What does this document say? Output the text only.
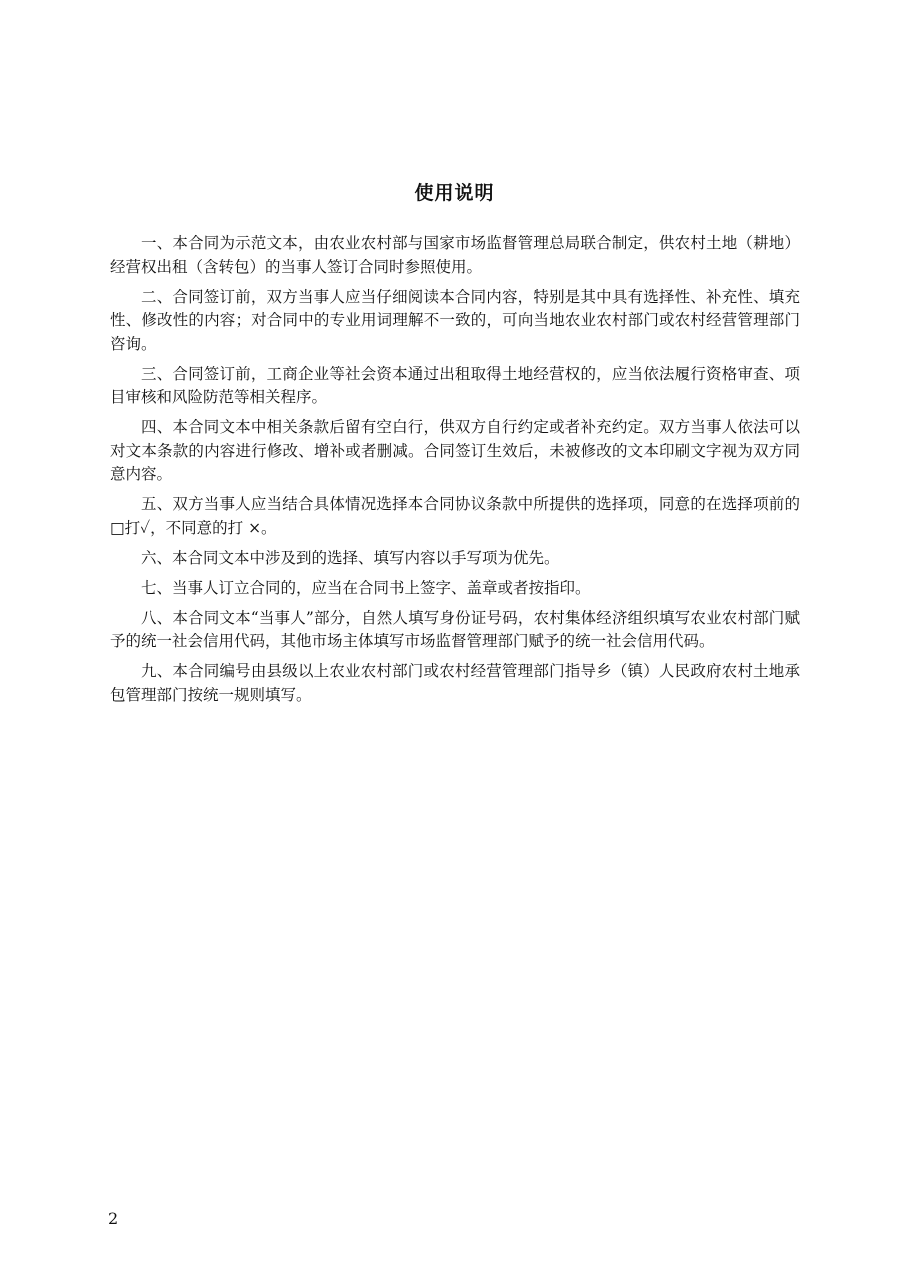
使用说明

一、本合同为示范文本，由农业农村部与国家市场监督管理总局联合制定，供农村土地（耕地）经营权出租（含转包）的当事人签订合同时参照使用。

二、合同签订前，双方当事人应当仔细阅读本合同内容，特别是其中具有选择性、补充性、填充性、修改性的内容；对合同中的专业用词理解不一致的，可向当地农业农村部门或农村经营管理部门咨询。

三、合同签订前，工商企业等社会资本通过出租取得土地经营权的，应当依法履行资格审查、项目审核和风险防范等相关程序。

四、本合同文本中相关条款后留有空白行，供双方自行约定或者补充约定。双方当事人依法可以对文本条款的内容进行修改、增补或者删减。合同签订生效后，未被修改的文本印刷文字视为双方同意内容。

五、双方当事人应当结合具体情况选择本合同协议条款中所提供的选择项，同意的在选择项前的□打✓，不同意的打 ×。

六、本合同文本中涉及到的选择、填写内容以手写项为优先。

七、当事人订立合同的，应当在合同书上签字、盖章或者按指印。

八、本合同文本“当事人”部分，自然人填写身份证号码，农村集体经济组织填写农业农村部门赋予的统一社会信用代码，其他市场主体填写市场监督管理部门赋予的统一社会信用代码。

九、本合同编号由县级以上农业农村部门或农村经营管理部门指导乡（镇）人民政府农村土地承包管理部门按统一规则填写。

2
